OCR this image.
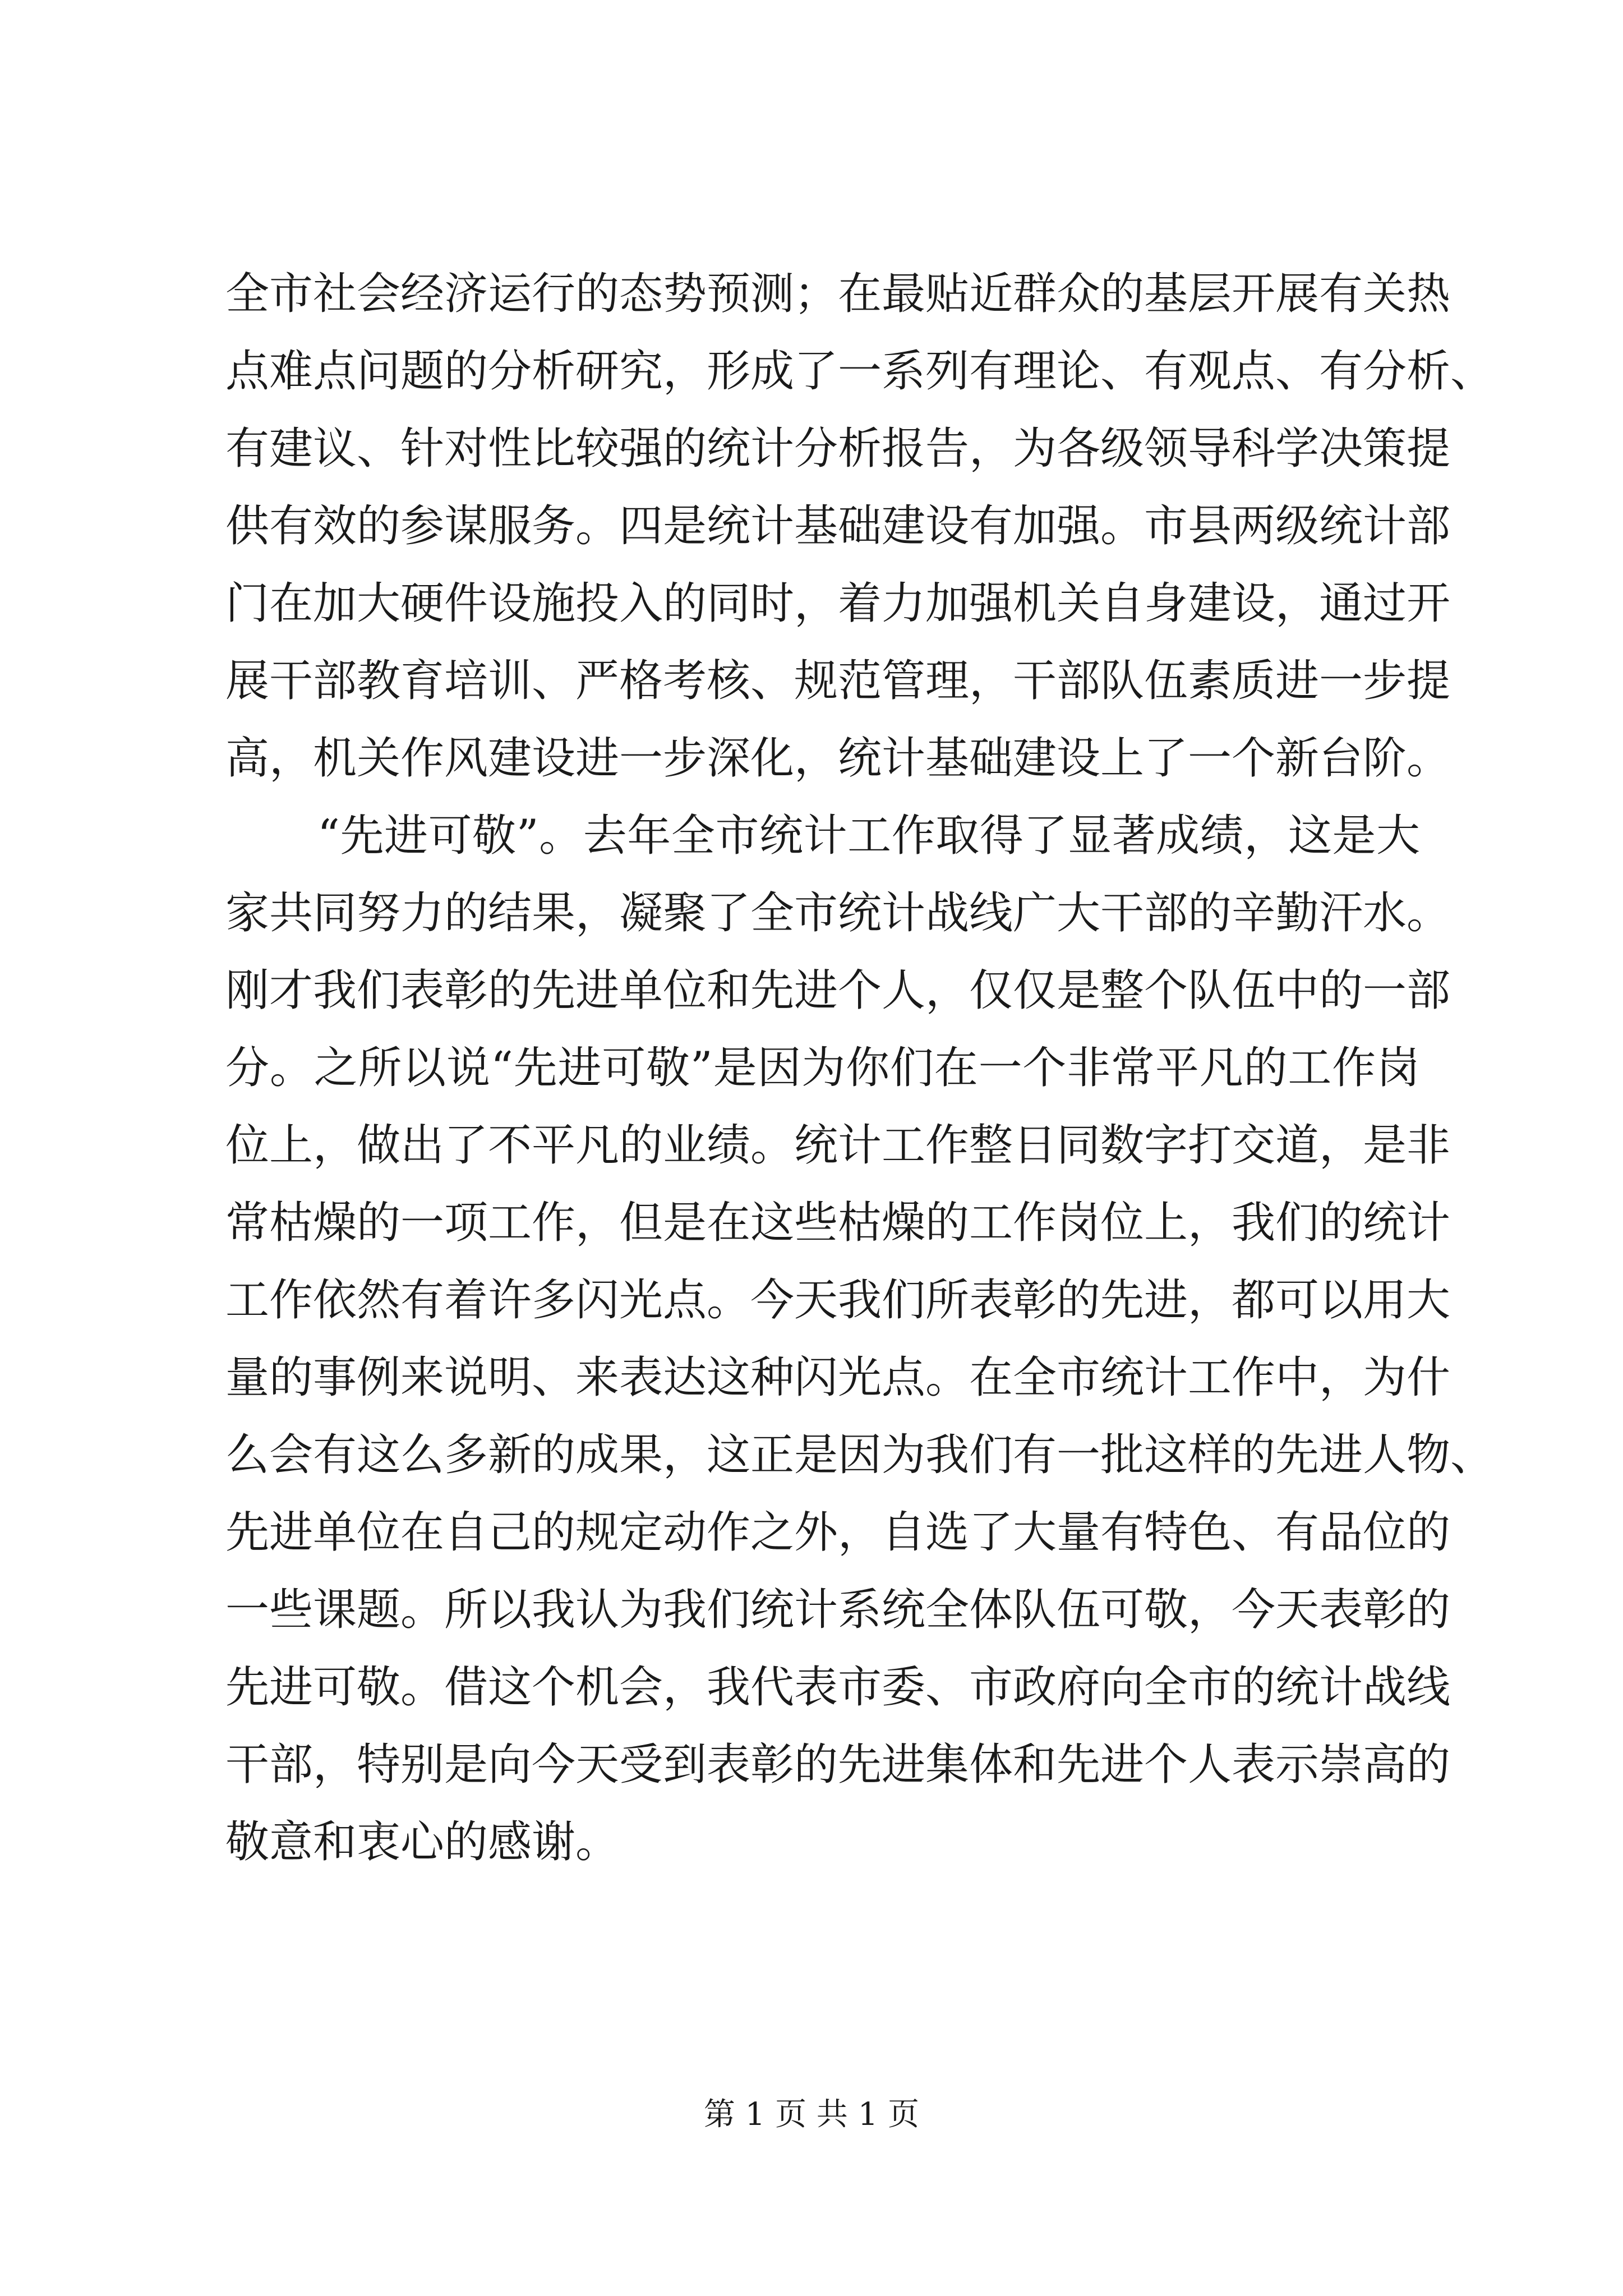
全市社会经济运行的态势预测；在最贴近群众的基层开展有关热
点难点问题的分析研究，形成了一系列有理论、有观点、有分析、
有建议、针对性比较强的统计分析报告，为各级领导科学决策提
供有效的参谋服务。四是统计基础建设有加强。市县两级统计部
门在加大硬件设施投入的同时，着力加强机关自身建设，通过开
展干部教育培训、严格考核、规范管理，干部队伍素质进一步提
高，机关作风建设进一步深化，统计基础建设上了一个新台阶。
“先进可敬”。去年全市统计工作取得了显著成绩，这是大
家共同努力的结果，凝聚了全市统计战线广大干部的辛勤汗水。
刚才我们表彰的先进单位和先进个人，仅仅是整个队伍中的一部
分。之所以说“先进可敬”是因为你们在一个非常平凡的工作岗
位上，做出了不平凡的业绩。统计工作整日同数字打交道，是非
常枯燥的一项工作，但是在这些枯燥的工作岗位上，我们的统计
工作依然有着许多闪光点。今天我们所表彰的先进，都可以用大
量的事例来说明、来表达这种闪光点。在全市统计工作中，为什
么会有这么多新的成果，这正是因为我们有一批这样的先进人物、
先进单位在自己的规定动作之外，自选了大量有特色、有品位的
一些课题。所以我认为我们统计系统全体队伍可敬，今天表彰的
先进可敬。借这个机会，我代表市委、市政府向全市的统计战线
干部，特别是向今天受到表彰的先进集体和先进个人表示崇高的
敬意和衷心的感谢。
第 1 页 共 1 页
